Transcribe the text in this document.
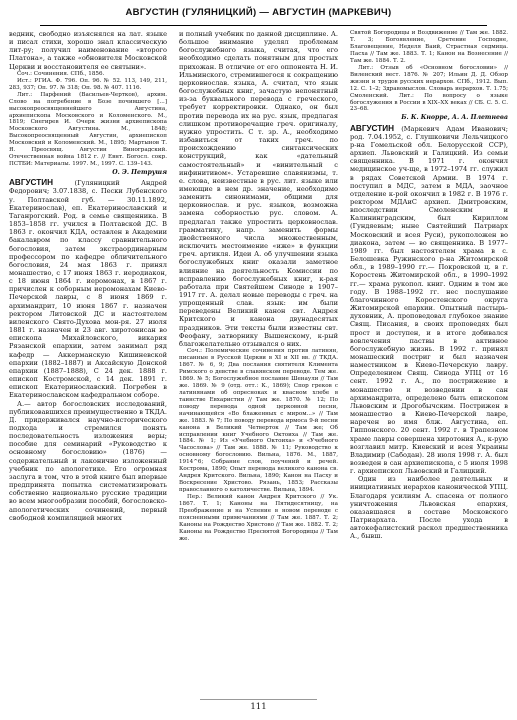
АВГУСТИН (ГУЛЯНИЦКИЙ) — АВГУСТИН (МАРКЕВИЧ)

ведник, свободно изъяснялся на лат. языке и писал стихи, хорошо знал классическую лит-ру; получил наименование «второго Платона», а также «обновителя Московской Церкви и восстановителя ее святыни».

Соч.: Сочинения. СПб., 1856.

Ист.: РГИА. Ф. 796. Оп. 96. № 52. 113, 149, 211, 283, 937; Оп. 97. № 318; Оп. 98. № 407. 1116.

Лит.: Парфений (Васильев-Чертков), архим. Слово на погребение в Бозе почившего [...] высокопреосвященнейшего Августина, архиепископа Московского и Коломенского. М., 1819; Снегирев И. Очерк жизни архиепископа Московского Августина. М., 1848; Высокопреосвященный Августин, архиепископ Московский и Коломенский. М., 1895; Мартынов Т. Я. Преосвящ. Августин Виноградский. Отечественная война 1812 г. // Евнт. Богосл. сокр. ПСТБИ: Материалы. 1997. М., 1997. С. 139–143.

О. Э. Петрушя

АВГУСТИН	(Гуляницкий Андрей Федорович; 3.07.1838, с. Пески Лубенского у. Полтавской губ. — 30.11.1892, Екатеринослав), еп. Екатеринославский и Таганрогский. Род. в семье священника. В 1853–1858 гг. учился в Полтавской ДС. В 1863 г. окончил КДА, оставлен в Академии бакалавром по классу сравнительного богословия, затем экстраординарным профессором по кафедре обличительного богословия, 24 мая 1863 г. принял монашество, с 17 июня 1863 г. иеродиакон, с 18 июня 1864 г. иеромонах, в 1867 г. причислен к соборным иеромонахам Киево-Печерской лавры, с 8 июня 1869 г. архимандрит, 10 июня 1867 г. назначен ректором Литовской ДС и настоятелем виленского Свято-Духова мон-ря. 27 июля 1881 г. назначен и 23 авг. хиротонисан во епископа Михайловского, викария Рязанской епархии, затем занимал ряд кафедр — Аккерманскую Кишиневской епархии (1882–1887) и Аксайскую Донской епархии (1887–1888), С 24 дек. 1888 г. епископ Костромской, с 14 дек. 1891 г. епископ Екатеринославский. Погребен в Екатеринославском кафедральном соборе.

А.— автор богословских исследований, публиковавшихся преимущественно в ТКДА. Д. придерживался научно-исторического подхода и стремился понять последовательность изложения веры; пособие для семинарий «Руководство к основному богословию» (1876) — содержательный и лаконично изложенный учебник по апологетике. Его огромная заслуга в том, что в этой книге был впервые предпринята попытка систематизировать собственно национально русские традиции во всем многообразии пособий, богословско-апологетических сочинений, первый свободной компиляцией многих

и полный учебник по данной дисциплине. А. большое внимание уделял проблемам богослужебного языка, считая, что его необходимо сделать понятным для простых прихожан. В отличие от его оппонента Н. И. Ильминского, стремившегося к сокращению церковнослав. языка, А. считал, что язык богослужебных книг, зачастую непонятный из-за буквального перевода с греческого, требует корректировки. Однако, он был против перевода их на рус. язык, предлагая слишком противоречащие греч. оригиналу, нужно упростить. С т. зр. А., необходимо избавиться от таких греч. по происхождению синтаксических конструкций, как «дательный самостоятельный» и «винительный с инфинитивом». Устаревшие славянизмы, т. е. слова, неизвестные в рус. лит. языке или имеющие в нем др. значение, необходимо заменить синонимами, общими для церковнослав. и рус. языков, возможна замена соборностью рус. словом. А. предлагал также упростить церковнослав. грамматику, напр. заменить формы двойственного числа множественным, исключить местоимение «иже» в функции греч. артикля. Идеи А. об улучшении языка богослужебных книг оказали заметное влияние на деятельность Комиссии по исправлению богослужебных книг, к-рая работала при Святейшем Синоде в 1907–1917 гг. А. делал новые переводы с греч. на упрощенный слав. язык: им были переведены Великий канон свт. Андрея Критского и канона двунадесятых праздников. Эти тексты были известны свт. Феофану, затворнику Вышенскому, к-рый благожелательно отзывался о них.

Соч.: Полемические сочинения против латинян, писанные в Русской Церкви в XI и XII вв. // ТКДА. 1867. № 6, 9; Два послания святителя Климента Римского о девстве в славянском переводе. Тем же. 1869. № 5; Богослужебное послание Шенаули // Там же. 1869. № 9 (отд. отт.: К., 1869); Спор греков с латинянами об опресноках и квасном хлебе в таинстве Евхаристии // Там же. 1870. № 12; По поводу перевода одной церковной песни, начинающейся «Во блаженных с миром...» // Там же. 1883. № 7; По поводу перевода ирмоса 9-й песни канона в Великий Четверток // Там же; Об исправлении книг Учебного Октоиха // Там же. 1884. № 1; Из «Учебного Октоиха» и «Учебного Часослова» // Там же. 1888. № 11; Руководство к основному богословию. Вильна, 1876. М., 1887, 1914^6; Собрание слов, поучений и речей. Кострома, 1890; Опыт перевода великого канона св. Андрея Критского. Вильна, 1890; Канон на Пасху и Воскресение Христово. Рязань, 1853; Рассказы православного о католичестве. Вильна, 1894.

Пер.: Великий канон Андрея Критского // Ук. 1867. Т. 1; Каноны на Пятидесятницу, на Преображение и на Успение в новом переводе с поясненными примечаниями // Там же. 1887. Т. 2; Каноны на Рождество Христово // Там же. 1882. Т. 2; Каноны на Рождество Пресвятой Богородицы // Там же.

Святой Богородицы и Воздвижение // Там же. 1882. Т. 3; Богоявление, Сретение Господне, Благовещение, Неделя Ваий, Страстная седмица. Пасха // Там же. 1883. Т. 1; Канон на Вознесение // Там же. 1884. Т. 2.

Лит.: Отзыв об «Основном богословии» // Виленский вест. 1876. № 207; Ильин Д. Д. Обзор жизни и трудов русских иерархов. СПб., 1912. Вып. 12. С. 1–2; Здравомыслов. Словарь иерархов. Т. 1.75; Смоленский. Лит.: По вопросу о языке богослужения в России в XIX–XX веках // СБ. С. 5. С. 23–68.

Б. К. Кнорре, А. А. Плетнева

АВГУСТИН (Маркевич Адам Иванович; род. 7.04.1952, с. Глушковичи Лельчицкого р-на Гомельской обл. Белорусской ССР), архиеп. Львовский и Галицкий. Из семьи священника. В 1971 г. окончил медицинское уч-ще, в 1972–1974 гг. служил в рядах Советской Армии. В 1974 г. поступил в МДС, затем в МДА, заочное отделение к-рой окончил в 1982 г. В 1976 г. ректором МДАиС архиеп. Дмитровским, впоследствии Смоленским и Калининградским, был Кириллом (Гундяевым; ныне Святейший Патриарх Московский и всея Руси), рукоположен во диакона, затем — во священника. В 1977–1989 гг. был настоятелем храма в с. Белошевка Ружинского р-на Житомирской обл., в 1989–1990 гг.— Покровской ц. в г. Коростень Житомирской обл., в 1990–1992 гг.— храма рукопол. книг. Одним в том же году. В 1988–1992 гг. нес послушание благочинного Коростенского округа Житомирской епархии. Опытный пастырь-духовник, А. проповедовал глубокое знание Свящ. Писания, в своих проповедях был прост и доступен, и в итоге добивался вовлечения паствы в активное богослужебную жизнь. В 1992 г. принял монашеский постриг и был назначен наместником в Киево-Печерскую лавру. Определением Свящ. Синода УПЦ от 16 сент. 1992 г. А., по пострижение в монашество и возведении в сан архимандрита, определено быть епископом Львовским и Дрогобычским. Пострижен в монашество в Киево-Печерской лавре, наречен во имя блж. Августина, еп. Гиппонского. 20 сент. 1992 г. в Трапезном храме лавры совершена хиротония А., к-рую возглавил митр. Киевский и всея Украины Владимир (Сабодан). 28 июля 1998 г. А. был возведен в сан архиепископа, с 5 июля 1998 г. архиепископ Львовский и Галицкий.

Один из наиболее деятельных и инициативных иерархов канонической УПЦ. Благодаря усилиям А. спасена от полного уничтожения Львовская епархия, оказавшаяся в составе Московского Патриархата. После ухода в автокефалистский раскол предшественника А., бывш.

111
